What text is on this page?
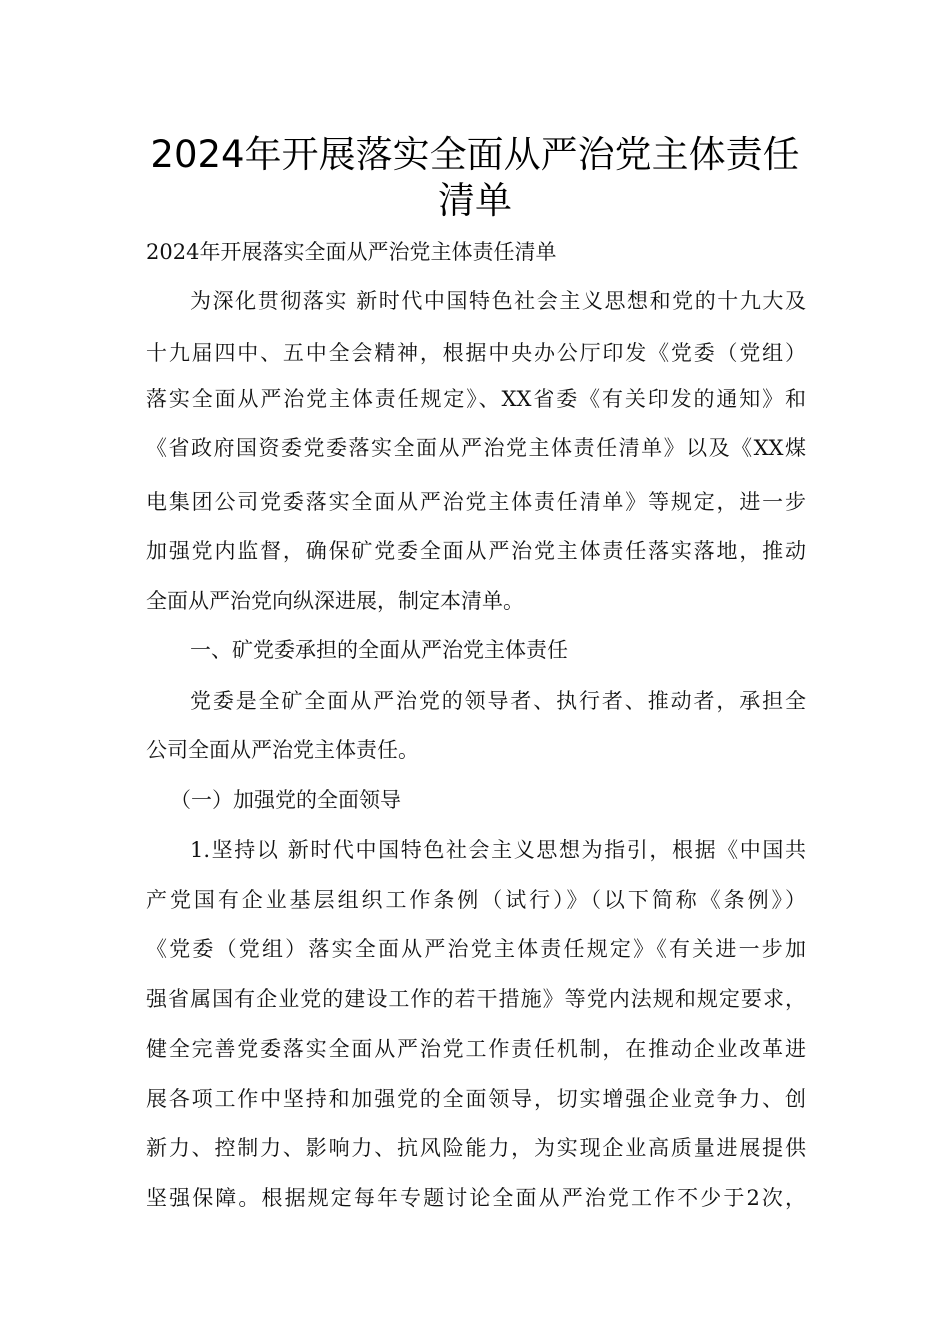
2024年开展落实全面从严治党主体责任
清单
2024年开展落实全面从严治党主体责任清单
为深化贯彻落实 新时代中国特色社会主义思想和党的十九大及
十九届四中、五中全会精神，根据中央办公厅印发《党委（党组）
落实全面从严治党主体责任规定》、XX省委《有关印发的通知》和
《省政府国资委党委落实全面从严治党主体责任清单》以及《XX煤
电集团公司党委落实全面从严治党主体责任清单》等规定，进一步
加强党内监督，确保矿党委全面从严治党主体责任落实落地，推动
全面从严治党向纵深进展，制定本清单。
一、矿党委承担的全面从严治党主体责任
党委是全矿全面从严治党的领导者、执行者、推动者，承担全
公司全面从严治党主体责任。
（一）加强党的全面领导
1.坚持以 新时代中国特色社会主义思想为指引，根据《中国共
产党国有企业基层组织工作条例（试行）》（以下简称《条例》）
《党委（党组）落实全面从严治党主体责任规定》《有关进一步加
强省属国有企业党的建设工作的若干措施》等党内法规和规定要求，
健全完善党委落实全面从严治党工作责任机制，在推动企业改革进
展各项工作中坚持和加强党的全面领导，切实增强企业竞争力、创
新力、控制力、影响力、抗风险能力，为实现企业高质量进展提供
坚强保障。根据规定每年专题讨论全面从严治党工作不少于2次，
